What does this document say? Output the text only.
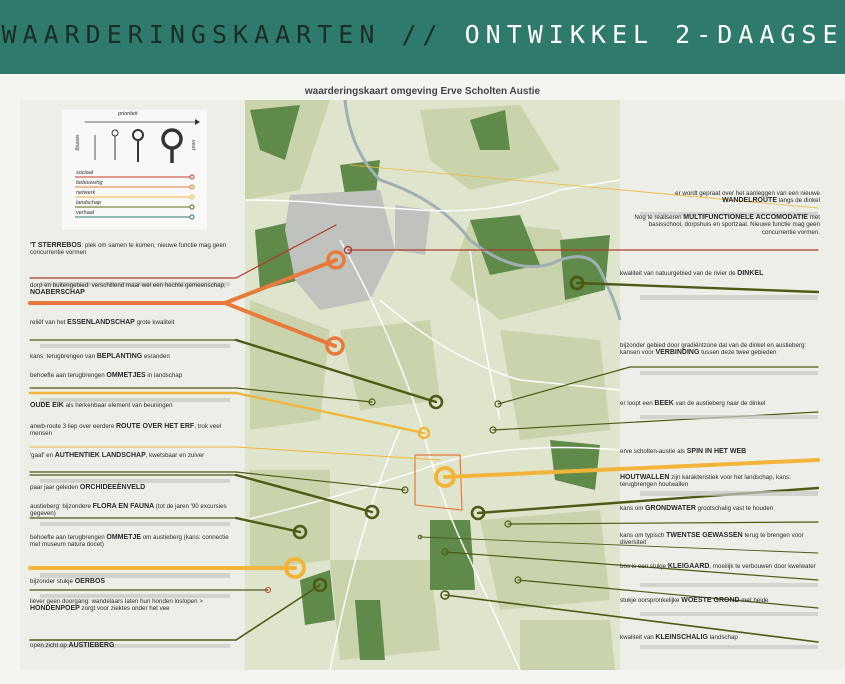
WAARDERINGSKAARTEN // ONTWIKKEL 2-DAAGSE
waarderingskaart omgeving Erve Scholten Austie
prioriteit
weinig	veel
sociaal
bebouwing
netwerk
landschap
verhaal
'T STERREBOS: plek om samen te komen, nieuwe functie mag geen concurrentie vormen
dorp en buitengebied: verschillend maar wel een hechte gemeenschap, NOABERSCHAP
reliëf van het ESSENLANDSCHAP grote kwaliteit
kans: terugbrengen van BEPLANTING esranden
behoefte aan terugbrengen OMMETJES in landschap
OUDE EIK als herkenbaar element van beuningen
anwb-route 3 liep over eerdere ROUTE OVER HET ERF, trok veel mensen
'gaaf' en AUTHENTIEK LANDSCHAP, kwetsbaar en zuiver
paar jaar geleden ORCHIDEEËNVELD
austieberg: bijzondere FLORA EN FAUNA (tot de jaren '90 excursies gegeven)
behoefte aan terugbrengen OMMETJE om austieberg (kans: connectie met museum natura docet)
bijzonder stukje OERBOS
liever geen doorgang: wandelaars laten hun honden loslopen > HONDENPOEP zorgt voor ziektes onder het vee
open zicht op AUSTIEBERG
er wordt gepraat over het aanleggen van een nieuwe WANDELROUTE langs de dinkel
Nog te realiseren MULTIFUNCTIONELE ACCOMODATIE met basisschool, dorpshuis en sportzaal. Nieuwe functie mag geen concurrentie vormen.
kwaliteit van natuurgebied van de rivier de DINKEL
bijzonder gebied door gradiëntzone dal van de dinkel en austieberg: kansen voor VERBINDING tussen deze twee gebieden
er loopt een BEEK van de austieberg naar de dinkel
erve scholten-austie als SPIN IN HET WEB
HOUTWALLEN zijn karakteristiek voor het landschap, kans: terugbrengen houtwallen
kans om GRONDWATER grootschalig vast te houden
kans om typisch TWENTSE GEWASSEN terug te brengen voor diversiteit
bos is een stukje KLEIGAARD, moeilijk te verbouwen door kwelwater
stukje oorspronkelijke WOESTE GROND met heide
kwaliteit van KLEINSCHALIG landschap
